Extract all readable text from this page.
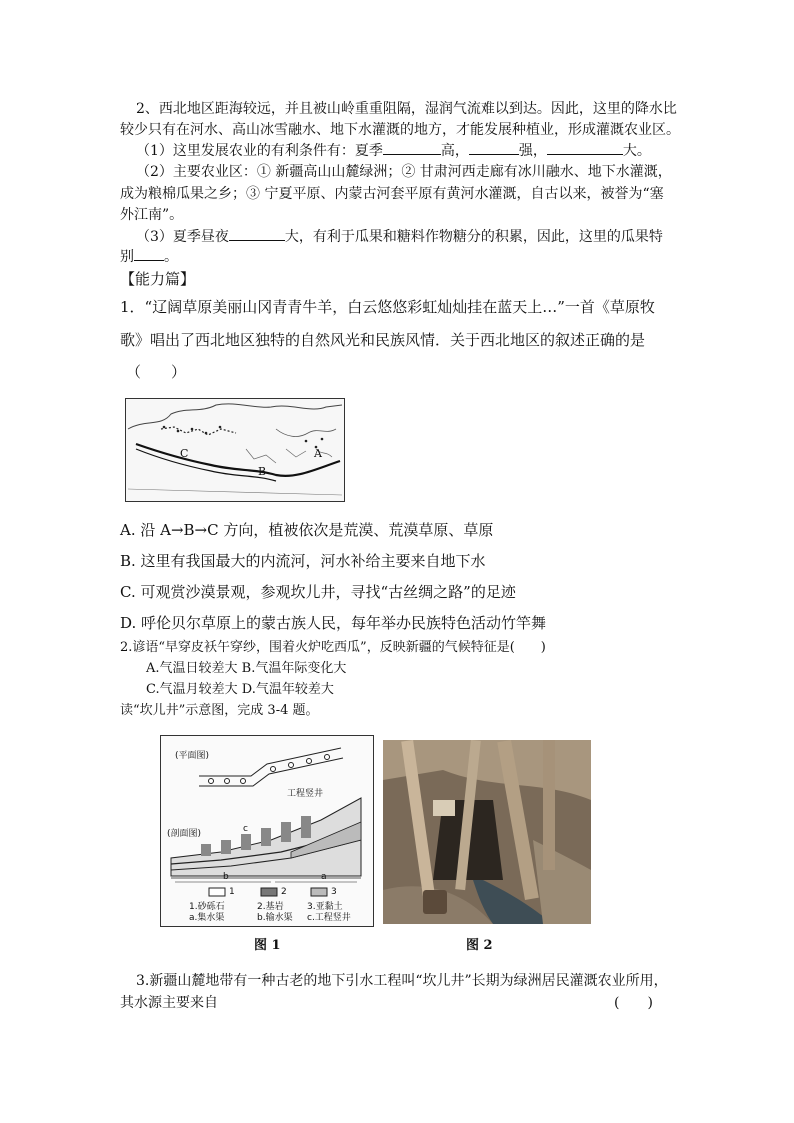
2、西北地区距海较远，并且被山岭重重阻隔，湿润气流难以到达。因此，这里的降水比
较少只有在河水、高山冰雪融水、地下水灌溉的地方，才能发展种植业，形成灌溉农业区。
（1）这里发展农业的有利条件有：夏季	高，	强，	大。
（2）主要农业区：① 新疆高山山麓绿洲；② 甘肃河西走廊有冰川融水、地下水灌溉，
成为粮棉瓜果之乡；③ 宁夏平原、内蒙古河套平原有黄河水灌溉，自古以来，被誉为“塞
外江南”。
（3）夏季昼夜	大，有利于瓜果和糖料作物糖分的积累，因此，这里的瓜果特
别 。
【能力篇】
1．“辽阔草原美丽山冈青青牛羊，白云悠悠彩虹灿灿挂在蓝天上…”一首《草原牧
歌》唱出了西北地区独特的自然风光和民族风情．关于西北地区的叙述正确的是
（　　）
A
B
C
A. 沿 A→B→C 方向，植被依次是荒漠、荒漠草原、草原
B. 这里有我国最大的内流河，河水补给主要来自地下水
C. 可观赏沙漠景观，参观坎儿井，寻找“古丝绸之路”的足迹
D. 呼伦贝尔草原上的蒙古族人民，每年举办民族特色活动竹竿舞
2.谚语“早穿皮袄午穿纱，围着火炉吃西瓜”，反映新疆的气候特征是(　　)
A.气温日较差大 B.气温年际变化大
C.气温月较差大 D.气温年较差大
读“坎儿井”示意图，完成 3-4 题。
(平面图)
工程竖井
(剖面图)	c
a
b
1	2	3
1.砂砾石
a.集水渠
2.基岩
b.输水渠
3.亚黏土
c.工程竖井
图 1	图 2
3.新疆山麓地带有一种古老的地下引水工程叫“坎儿井”长期为绿洲居民灌溉农业所用，
其水源主要来自	(　　)
